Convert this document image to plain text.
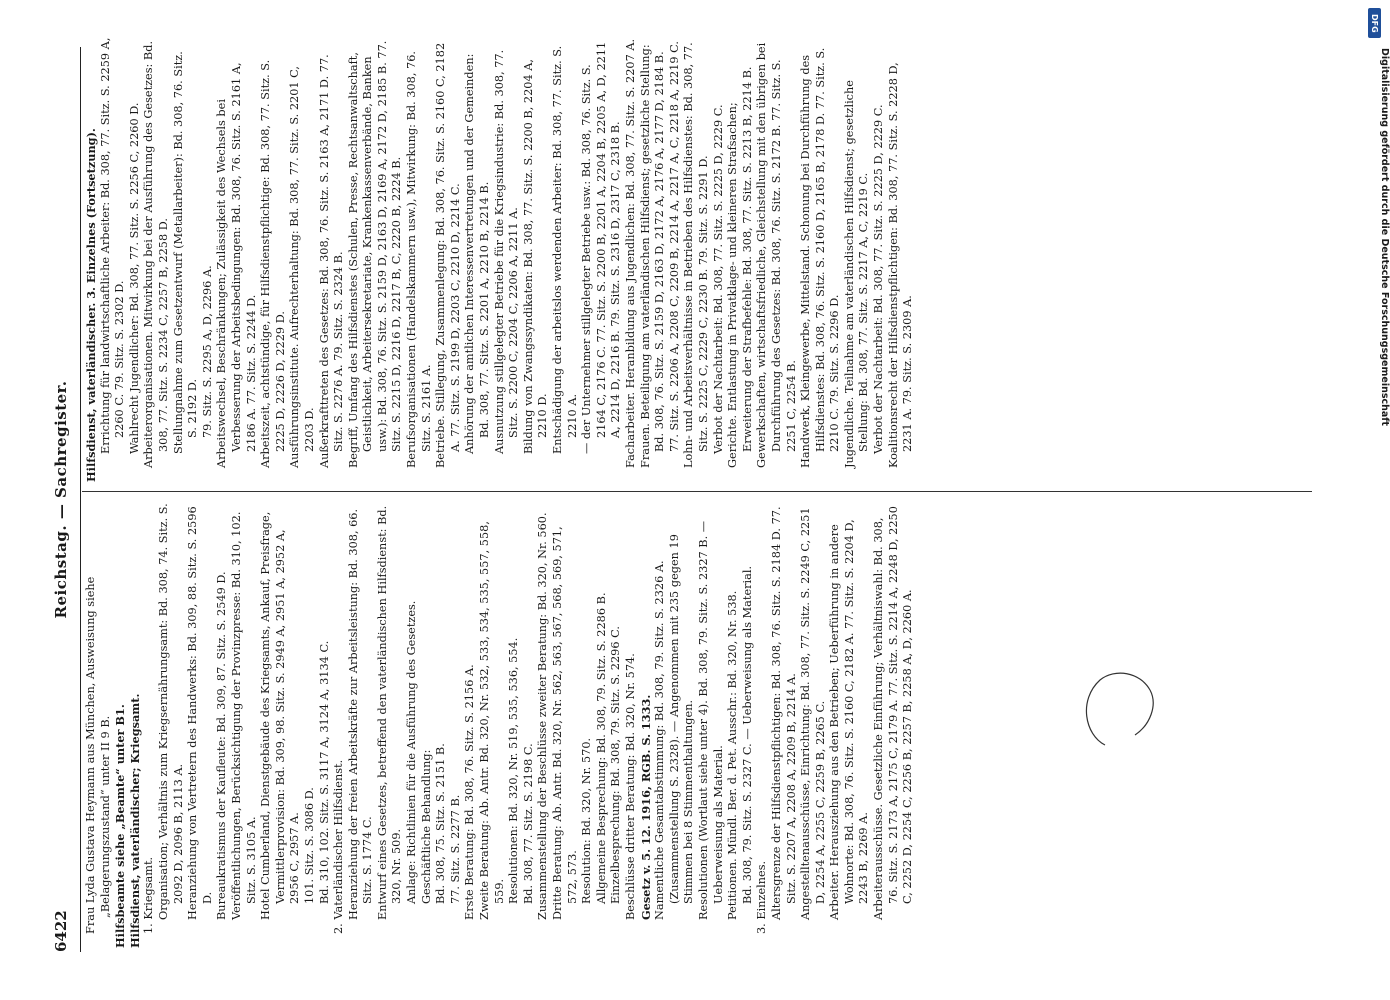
6422
Reichstag. — Sachregister.

Frau Lyda Gustava Heymann aus München, Ausweisung siehe „Belagerungszustand“ unter II 9 B. Hilfsbeamte siehe „Beamte“ unter B1. Hilfsdienst, vaterländischer; Kriegsamt. 1. Kriegsamt. Organisation; Verhältnis zum Kriegsernährungsamt: Bd. 308, 74. Sitz. S. 2092 D, 2096 B, 2113 A. Heranziehung von Vertretern des Handwerks: Bd. 309, 88. Sitz. S. 2596 D. Bureaukratismus der Kaufleute: Bd. 309, 87. Sitz. S. 2549 D. Veröffentlichungen, Berücksichtigung der Provinzpresse: Bd. 310, 102. Sitz. S. 3105 A. Hotel Cumberland, Dienstgebäude des Kriegsamts, Ankauf, Preisfrage, Vermittlerprovision: Bd. 309, 98. Sitz. S. 2949 A, 2951 A, 2952 A, 2956 C, 2957 A. 101. Sitz. S. 3086 D. Bd. 310, 102. Sitz. S. 3117 A, 3124 A, 3134 C. 2. Vaterländischer Hilfsdienst. Heranziehung der freien Arbeitskräfte zur Arbeitsleistung: Bd. 308, 66. Sitz. S. 1774 C. Entwurf eines Gesetzes, betreffend den vaterländischen Hilfsdienst: Bd. 320, Nr. 509. Anlage: Richtlinien für die Ausführung des Gesetzes. Geschäftliche Behandlung: Bd. 308, 75. Sitz. S. 2151 B. 77. Sitz. S. 2277 B. Erste Beratung: Bd. 308, 76. Sitz. S. 2156 A. Zweite Beratung: Ab. Antr. Bd. 320, Nr. 532, 533, 534, 535, 557, 558, 559. Resolutionen: Bd. 320, Nr. 519, 535, 536, 554. Bd. 308, 77. Sitz. S. 2198 C. Zusammenstellung der Beschlüsse zweiter Beratung: Bd. 320, Nr. 560. Dritte Beratung: Ab. Antr. Bd. 320, Nr. 562, 563, 567, 568, 569, 571, 572, 573. Resolution: Bd. 320, Nr. 570. Allgemeine Besprechung: Bd. 308, 79. Sitz. S. 2286 B. Einzelbesprechung: Bd. 308, 79. Sitz. S. 2296 C. Beschlüsse dritter Beratung: Bd. 320, Nr. 574. Gesetz v. 5. 12. 1916, RGB. S. 1333. Namentliche Gesamtabstimmung: Bd. 308, 79. Sitz. S. 2326 A. (Zusammenstellung S. 2328). — Angenommen mit 235 gegen 19 Stimmen bei 8 Stimmenthaltungen. Resolutionen (Wortlaut siehe unter 4). Bd. 308, 79. Sitz. S. 2327 B. — Ueberweisung als Material. Petitionen. Mündl. Ber. d. Pet. Ausschr.: Bd. 320, Nr. 538. Bd. 308, 79. Sitz. S. 2327 C. — Ueberweisung als Material. 3. Einzelnes. Altersgrenze der Hilfsdienstpflichtigen: Bd. 308, 76. Sitz. S. 2184 D. 77. Sitz. S. 2207 A, 2208 A, 2209 B, 2214 A. Angestelltenausschüsse, Einrichtung: Bd. 308, 77. Sitz. S. 2249 C, 2251 D, 2254 A, 2255 C, 2259 B, 2265 C. Arbeiter. Herausziehung aus den Betrieben; Ueberführung in andere Wohnorte: Bd. 308, 76. Sitz. S. 2160 C, 2182 A. 77. Sitz. S. 2204 D, 2243 B, 2269 A. Arbeiterausschüsse. Gesetzliche Einführung; Verhältniswahl: Bd. 308, 76. Sitz. S. 2173 A, 2175 C, 2179 A. 77. Sitz. S. 2214 A, 2248 D, 2250 C, 2252 D, 2254 C, 2256 B, 2257 B, 2258 A, D, 2260 A.

Hilfsdienst, vaterländischer. 3. Einzelnes (Fortsetzung). Errichtung für landwirtschaftliche Arbeiter: Bd. 308, 77. Sitz. S. 2259 A, 2260 C. 79. Sitz. S. 2302 D. Wahlrecht Jugendlicher: Bd. 308, 77. Sitz. S. 2256 C, 2260 D. Arbeiterorganisationen. Mitwirkung bei der Ausführung des Gesetzes: Bd. 308, 77. Sitz. S. 2234 C, 2257 B, 2258 D. Stellungnahme zum Gesetzentwurf (Metallarbeiter): Bd. 308, 76. Sitz. S. 2192 D. 79. Sitz. S. 2295 A, D, 2296 A. Arbeitswechsel, Beschränkungen; Zulässigkeit des Wechsels bei Verbesserung der Arbeitsbedingungen: Bd. 308, 76. Sitz. S. 2161 A, 2186 A. 77. Sitz. S. 2244 D. Arbeitszeit, achtstündige, für Hilfsdienstpflichtige: Bd. 308, 77. Sitz. S. 2225 D, 2226 D, 2229 D. Ausführungsinstitute. Aufrechterhaltung: Bd. 308, 77. Sitz. S. 2201 C, 2203 D. Außerkrafttreten des Gesetzes: Bd. 308, 76. Sitz. S. 2163 A, 2171 D. 77. Sitz. S. 2276 A. 79. Sitz. S. 2324 B. Begriff, Umfang des Hilfsdienstes (Schulen, Presse, Rechtsanwaltschaft, Geistlichkeit, Arbeitersekretariate, Krankenkassenverbände, Banken usw.): Bd. 308, 76. Sitz. S. 2159 D, 2163 D, 2169 A, 2172 D, 2185 B. 77. Sitz. S. 2215 D, 2216 D, 2217 B, C, 2220 B, 2224 B. Berufsorganisationen (Handelskammern usw.), Mitwirkung: Bd. 308, 76. Sitz. S. 2161 A. Betriebe. Stillegung, Zusammenlegung: Bd. 308, 76. Sitz. S. 2160 C, 2182 A. 77. Sitz. S. 2199 D, 2203 C, 2210 D, 2214 C. Anhörung der amtlichen Interessenvertretungen und der Gemeinden: Bd. 308, 77. Sitz. S. 2201 A, 2210 B, 2214 B. Ausnutzung stillgelegter Betriebe für die Kriegsindustrie: Bd. 308, 77. Sitz. S. 2200 C, 2204 C, 2206 A, 2211 A. Bildung von Zwangssyndikaten: Bd. 308, 77. Sitz. S. 2200 B, 2204 A, 2210 D. Entschädigung der arbeitslos werdenden Arbeiter: Bd. 308, 77. Sitz. S. 2210 A. — der Unternehmer stillgelegter Betriebe usw.: Bd. 308, 76. Sitz. S. 2164 C, 2176 C. 77. Sitz. S. 2200 B, 2201 A, 2204 B, 2205 A, D, 2211 A, 2214 D, 2216 B. 79. Sitz. S. 2316 D, 2317 C, 2318 B. Facharbeiter. Heranbildung aus Jugendlichen: Bd. 308, 77. Sitz. S. 2207 A. Frauen. Beteiligung am vaterländischen Hilfsdienst; gesetzliche Stellung: Bd. 308, 76. Sitz. S. 2159 D, 2163 D, 2172 A, 2176 A, 2177 D, 2184 B. 77. Sitz. S. 2206 A, 2208 C, 2209 B, 2214 A, 2217 A, C, 2218 A, 2219 C. Lohn- und Arbeitsverhältnisse in Betrieben des Hilfsdienstes: Bd. 308, 77. Sitz. S. 2225 C, 2229 C, 2230 B. 79. Sitz. S. 2291 D. Verbot der Nachtarbeit: Bd. 308, 77. Sitz. S. 2225 D, 2229 C. Gerichte. Entlastung in Privatklage- und kleineren Strafsachen; Erweiterung der Strafbefehle: Bd. 308, 77. Sitz. S. 2213 B, 2214 B. Gewerkschaften, wirtschaftsfriedliche, Gleichstellung mit den übrigen bei Durchführung des Gesetzes: Bd. 308, 76. Sitz. S. 2172 B. 77. Sitz. S. 2251 C, 2254 B. Handwerk, Kleingewerbe, Mittelstand. Schonung bei Durchführung des Hilfsdienstes: Bd. 308, 76. Sitz. S. 2160 D, 2165 B, 2178 D. 77. Sitz. S. 2210 C. 79. Sitz. S. 2296 D. Jugendliche. Teilnahme am vaterländischen Hilfsdienst; gesetzliche Stellung: Bd. 308, 77. Sitz. S. 2217 A, C, 2219 C. Verbot der Nachtarbeit: Bd. 308, 77. Sitz. S. 2225 D, 2229 C. Koalitionsrecht der Hilfsdienstpflichtigen: Bd. 308, 77. Sitz. S. 2228 D, 2231 A. 79. Sitz. S. 2309 A.

DFG
Digitalisierung gefördert durch die Deutsche Forschungsgemeinschaft
